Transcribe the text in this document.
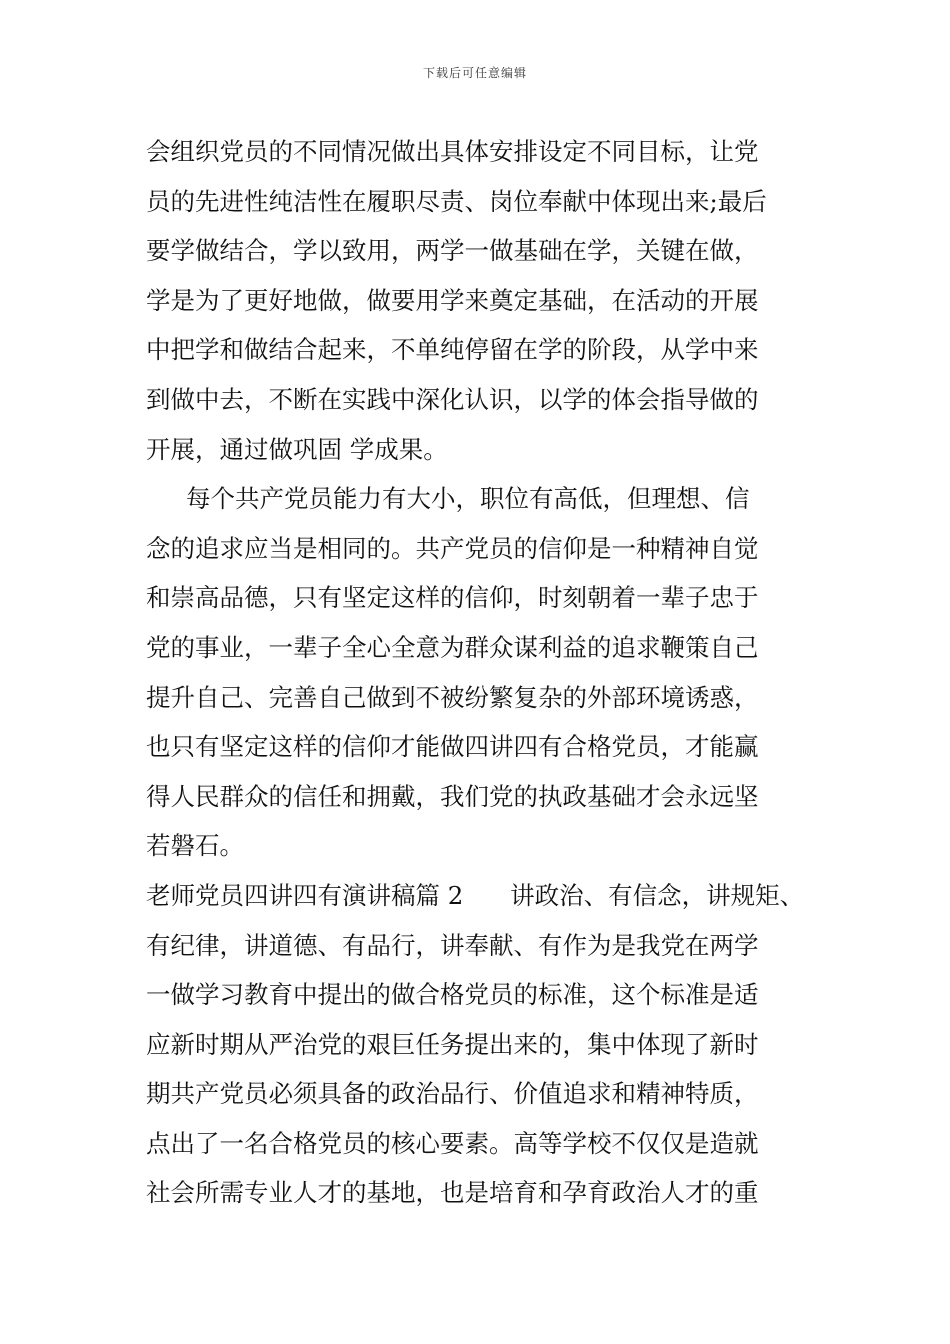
下载后可任意编辑
会组织党员的不同情况做出具体安排设定不同目标，让党
员的先进性纯洁性在履职尽责、岗位奉献中体现出来;最后
要学做结合，学以致用，两学一做基础在学，关键在做，
学是为了更好地做，做要用学来奠定基础，在活动的开展
中把学和做结合起来，不单纯停留在学的阶段，从学中来
到做中去，不断在实践中深化认识，以学的体会指导做的
开展，通过做巩固 学成果。
每个共产党员能力有大小，职位有高低，但理想、信
念的追求应当是相同的。共产党员的信仰是一种精神自觉
和崇高品德，只有坚定这样的信仰，时刻朝着一辈子忠于
党的事业，一辈子全心全意为群众谋利益的追求鞭策自己
提升自己、完善自己做到不被纷繁复杂的外部环境诱惑，
也只有坚定这样的信仰才能做四讲四有合格党员，才能赢
得人民群众的信任和拥戴，我们党的执政基础才会永远坚
若磐石。
老师党员四讲四有演讲稿篇 2      讲政治、有信念，讲规矩、
有纪律，讲道德、有品行，讲奉献、有作为是我党在两学
一做学习教育中提出的做合格党员的标准，这个标准是适
应新时期从严治党的艰巨任务提出来的，集中体现了新时
期共产党员必须具备的政治品行、价值追求和精神特质，
点出了一名合格党员的核心要素。高等学校不仅仅是造就
社会所需专业人才的基地，也是培育和孕育政治人才的重
